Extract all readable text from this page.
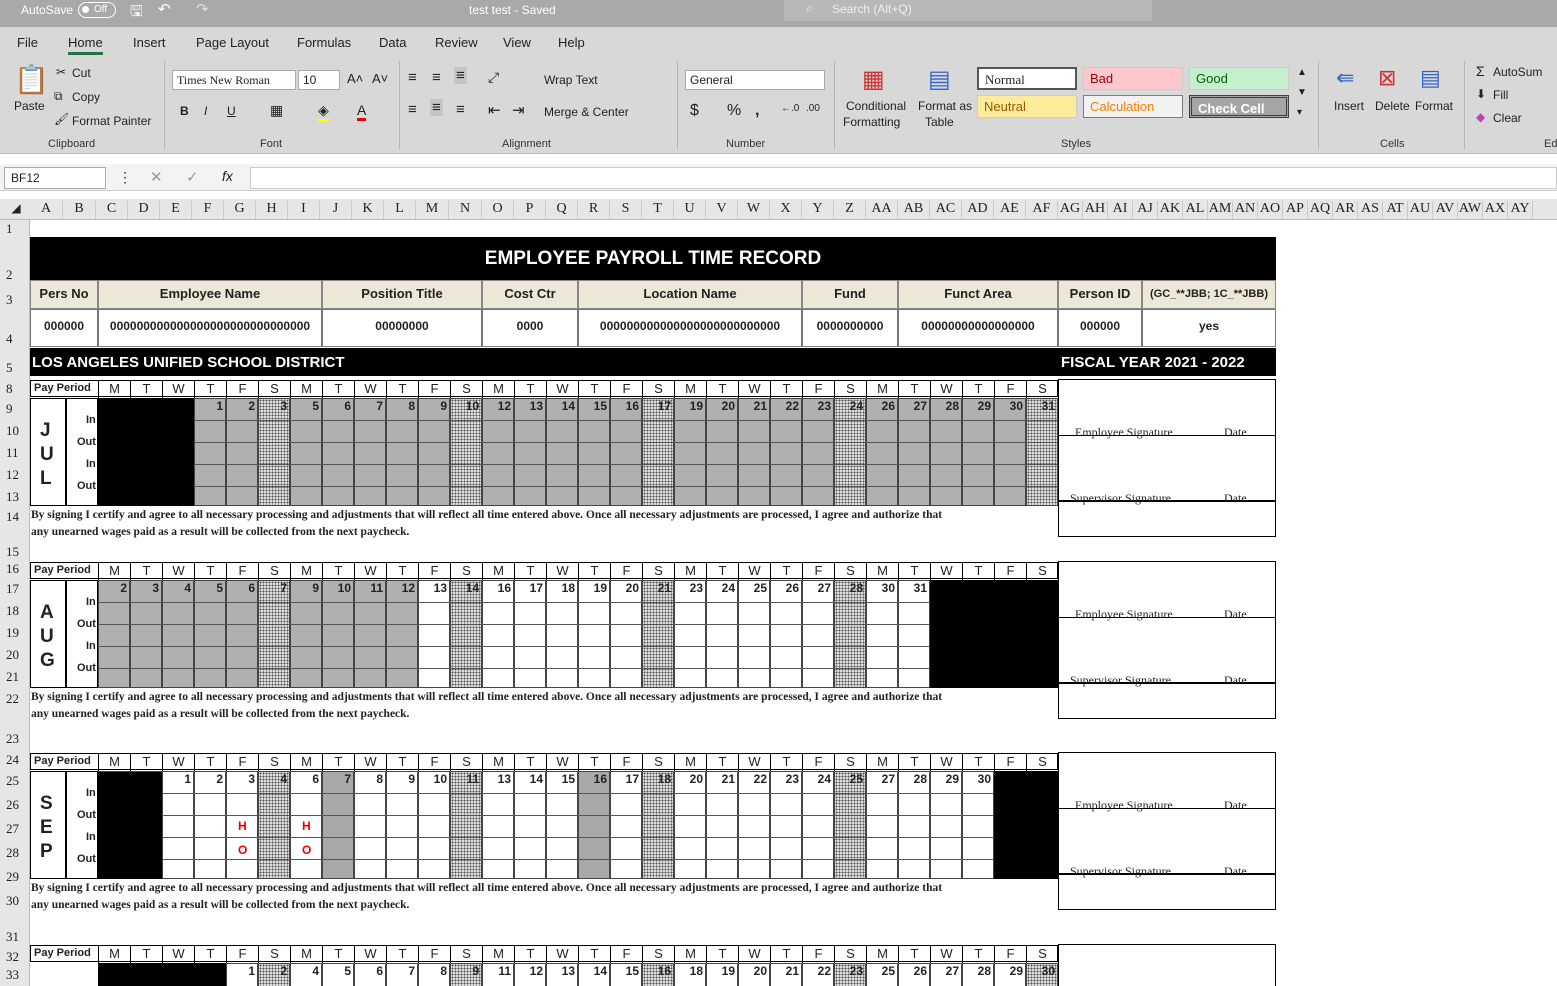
AutoSave	Off	🖫 ↶ ↷	test test - Saved	Search (Alt+Q)
⌕
File Home Insert Page Layout Formulas Data Review View Help
📋
Paste
✂ Cut
⧉ Copy
🖌 Format Painter
Clipboard
Times New Roman	10	A˄ A˅
B I U ▦ ◈ A
Font
≡ ≡ ≡ ⤢
≡ ≡ ≡ ⇤ ⇥
Wrap Text
Merge & Center
Alignment
General
$ % , ←.0 .00
Number
▦
Conditional
Formatting
▤
Format as
Table
Normal	Bad	Good
Neutral	Calculation	Check Cell
▲
▼
▾
Styles
⇚
Insert
⊠
Delete
▤
Format
Cells
Σ AutoSum
⬇ Fill
◆ Clear
Ed
BF12	⋮ ✕ ✓ fx
◢	A	B	C	D	E	F	G	H	I	J	K	L	M	N	O	P	Q	R	S	T	U	V	W	X	Y	Z	AA AB AC AD AE AF AG AH AI AJ AK AL AM AN AO AP AQ AR AS AT AU AV AW AX AY
1
2
3
4
5
8
9
10
11
12
13
14
15
16
17
18
19
20
21
22
23
24
25
26
27
28
29
30
31
32
33
EMPLOYEE PAYROLL TIME RECORD
Pers No
000000
Employee Name
000000000000000000000000000000
Position Title
00000000
Cost Ctr
0000
Location Name
000000000000000000000000000
Fund
0000000000
Funct Area
00000000000000000
Person ID
000000
(GC_**JBB; 1C_**JBB)
yes
LOS ANGELES UNIFIED SCHOOL DISTRICT	FISCAL YEAR 2021 - 2022
Pay Period	M	T	W	T	F	S	M	T	W	T	F	S	M	T	W	T	F	S	M	T	W	T	F	S	M	T	W	T	F	S
J
U
L
In
Out
In
Out
1	2	3	5	6	7	8	9	10	12	13	14	15	16	17	19	20	21	22	23	24	26	27	28	29	30	31
Employee Signature	Date
Supervisor Signature	Date
By signing I certify and agree to all necessary processing and adjustments that will reflect all time entered above. Once all necessary adjustments are processed, I agree and authorize that
any unearned wages paid as a result will be collected from the next paycheck.
Pay Period	M	T	W	T	F	S	M	T	W	T	F	S	M	T	W	T	F	S	M	T	W	T	F	S	M	T	W	T	F	S
A
U
G
In
Out
In
Out
2	3	4	5	6	7	9	10	11	12	13	14	16	17	18	19	20	21	23	24	25	26	27	28	30	31
Employee Signature	Date
Supervisor Signature	Date
By signing I certify and agree to all necessary processing and adjustments that will reflect all time entered above. Once all necessary adjustments are processed, I agree and authorize that
any unearned wages paid as a result will be collected from the next paycheck.
Pay Period	M	T	W	T	F	S	M	T	W	T	F	S	M	T	W	T	F	S	M	T	W	T	F	S	M	T	W	T	F	S
S
E
P
In
Out
In
Out
1	2	3	4	6	7	8	9	10	11	13	14	15	16	17	18	20	21	22	23	24	25	27	28	29	30
Employee Signature	Date
Supervisor Signature	Date
By signing I certify and agree to all necessary processing and adjustments that will reflect all time entered above. Once all necessary adjustments are processed, I agree and authorize that
any unearned wages paid as a result will be collected from the next paycheck.
Pay Period	M	T	W	T	F	S	M	T	W	T	F	S	M	T	W	T	F	S	M	T	W	T	F	S	M	T	W	T	F	S
1	2	4	5	6	7	8	9	11	12	13	14	15	16	18	19	20	21	22	23	25	26	27	28	29	30
H
O
H
O
